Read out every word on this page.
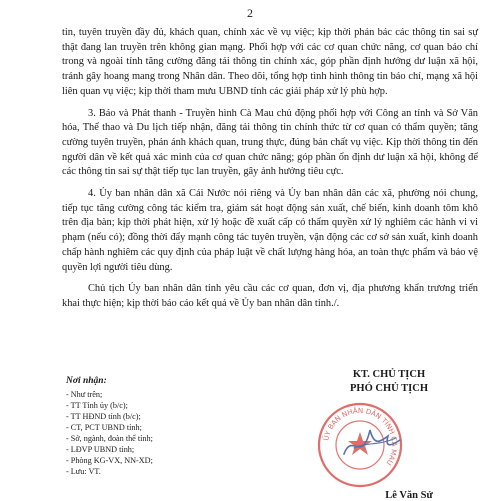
2

tin, tuyên truyền đầy đủ, khách quan, chính xác về vụ việc; kịp thời phản bác các thông tin sai sự thật đang lan truyền trên không gian mạng. Phối hợp với các cơ quan chức năng, cơ quan báo chí trong và ngoài tỉnh tăng cường đăng tải thông tin chính xác, góp phần định hướng dư luận xã hội, tránh gây hoang mang trong Nhân dân. Theo dõi, tổng hợp tình hình thông tin báo chí, mạng xã hội liên quan vụ việc; kịp thời tham mưu UBND tỉnh các giải pháp xử lý phù hợp.

3. Báo và Phát thanh - Truyền hình Cà Mau chủ động phối hợp với Công an tỉnh và Sở Văn hóa, Thể thao và Du lịch tiếp nhận, đăng tải thông tin chính thức từ cơ quan có thẩm quyền; tăng cường tuyên truyền, phản ánh khách quan, trung thực, đúng bản chất vụ việc. Kịp thời thông tin đến người dân về kết quả xác minh của cơ quan chức năng; góp phần ổn định dư luận xã hội, không để các thông tin sai sự thật tiếp tục lan truyền, gây ảnh hưởng tiêu cực.

4. Ủy ban nhân dân xã Cái Nước nói riêng và Ủy ban nhân dân các xã, phường nói chung, tiếp tục tăng cường công tác kiểm tra, giám sát hoạt động sản xuất, chế biến, kinh doanh tôm khô trên địa bàn; kịp thời phát hiện, xử lý hoặc đề xuất cấp có thẩm quyền xử lý nghiêm các hành vi vi phạm (nếu có); đồng thời đẩy mạnh công tác tuyên truyền, vận động các cơ sở sản xuất, kinh doanh chấp hành nghiêm các quy định của pháp luật về chất lượng hàng hóa, an toàn thực phẩm và bảo vệ quyền lợi người tiêu dùng.

Chủ tịch Ủy ban nhân dân tỉnh yêu cầu các cơ quan, đơn vị, địa phương khẩn trương triển khai thực hiện; kịp thời báo cáo kết quả về Ủy ban nhân dân tỉnh./.

Nơi nhận:
- Như trên;
- TT Tỉnh ủy (b/c);
- TT HĐND tỉnh (b/c);
- CT, PCT UBND tỉnh;
- Sở, ngành, đoàn thể tỉnh;
- LĐVP UBND tỉnh;
- Phòng KG-VX, NN-XD;
- Lưu: VT.
KT. CHỦ TỊCH
PHÓ CHỦ TỊCH
ỦY BAN NHÂN DÂN TỈNH CÀ MAU
Lê Văn Sử
